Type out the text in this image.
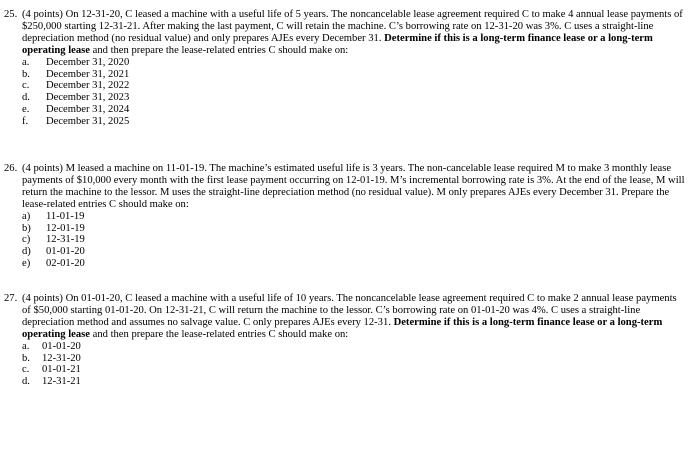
25. (4 points) On 12-31-20, C leased a machine with a useful life of 5 years. The noncancelable lease agreement required C to make 4 annual lease payments of $250,000 starting 12-31-21. After making the last payment, C will retain the machine. C’s borrowing rate on 12-31-20 was 3%. C uses a straight-line depreciation method (no residual value) and only prepares AJEs every December 31. Determine if this is a long-term finance lease or a long-term operating lease and then prepare the lease-related entries C should make on:

a. December 31, 2020
b. December 31, 2021
c. December 31, 2022
d. December 31, 2023
e. December 31, 2024
f. December 31, 2025
26. (4 points) M leased a machine on 11-01-19. The machine’s estimated useful life is 3 years. The non-cancelable lease required M to make 3 monthly lease payments of $10,000 every month with the first lease payment occurring on 12-01-19. M’s incremental borrowing rate is 3%. At the end of the lease, M will return the machine to the lessor. M uses the straight-line depreciation method (no residual value). M only prepares AJEs every December 31. Prepare the lease-related entries C should make on:

a) 11-01-19
b) 12-01-19
c) 12-31-19
d) 01-01-20
e) 02-01-20
27. (4 points) On 01-01-20, C leased a machine with a useful life of 10 years. The noncancelable lease agreement required C to make 2 annual lease payments of $50,000 starting 01-01-20. On 12-31-21, C will return the machine to the lessor. C’s borrowing rate on 01-01-20 was 4%. C uses a straight-line depreciation method and assumes no salvage value. C only prepares AJEs every 12-31. Determine if this is a long-term finance lease or a long-term operating lease and then prepare the lease-related entries C should make on:

a. 01-01-20
b. 12-31-20
c. 01-01-21
d. 12-31-21
